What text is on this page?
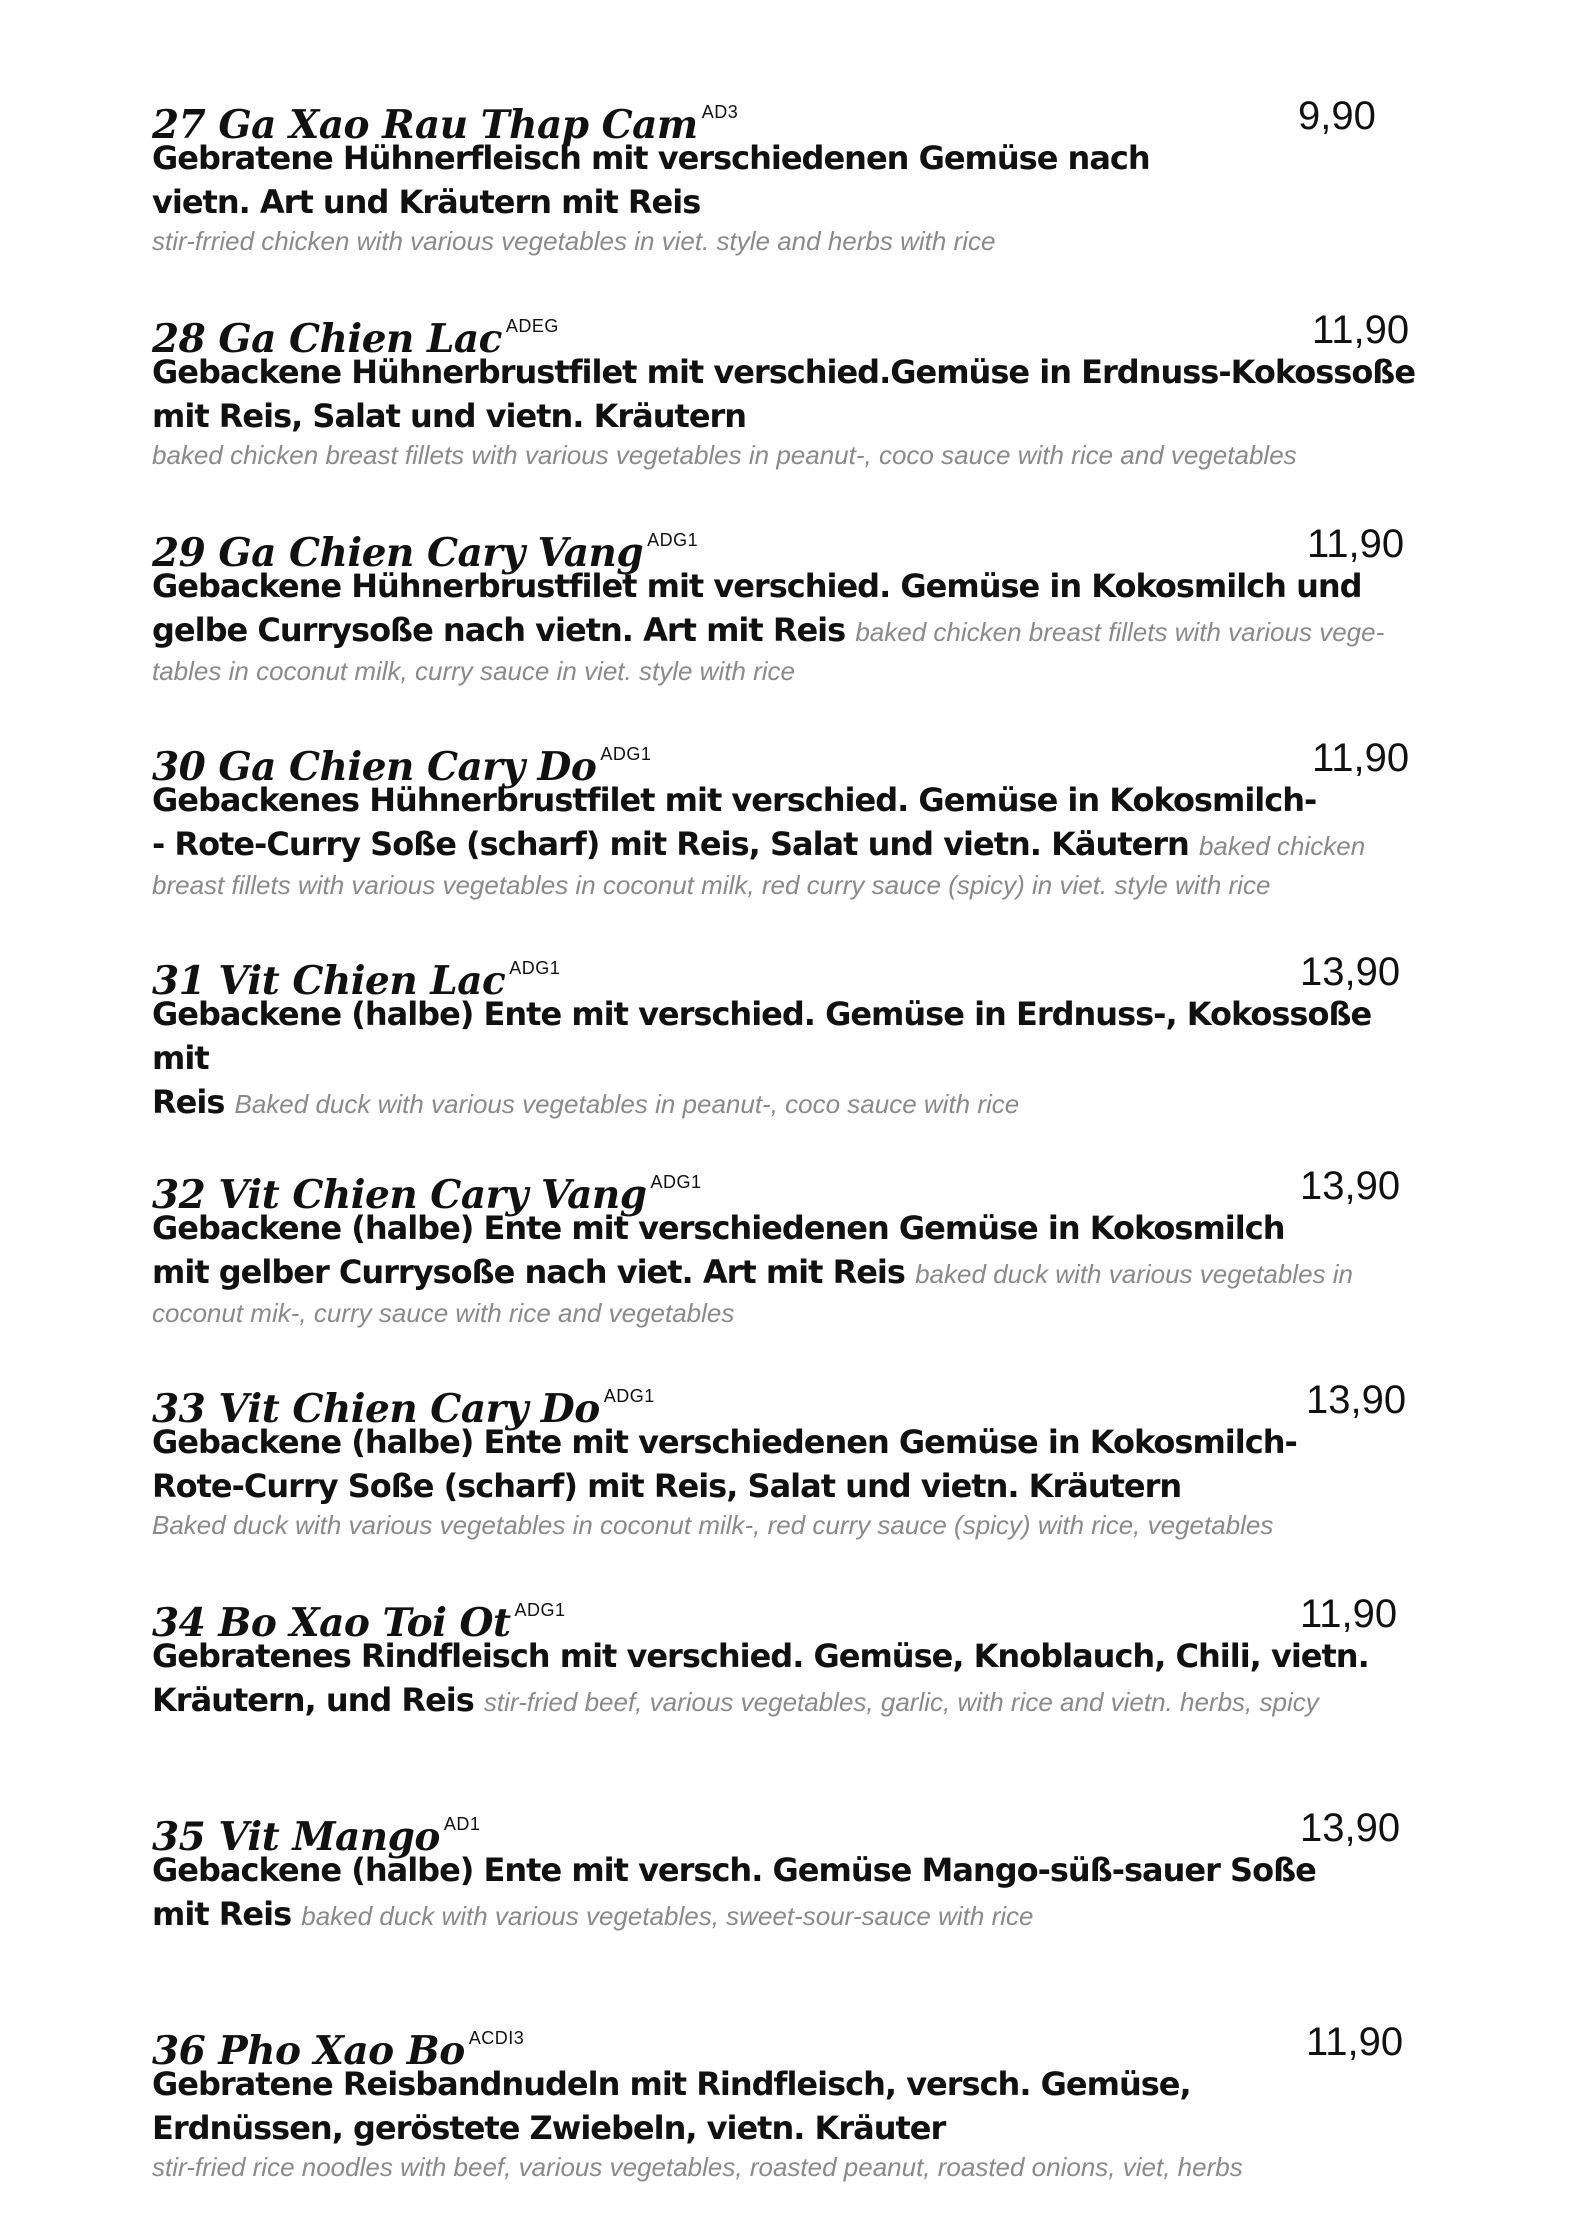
27 Ga Xao Rau Thap Cam $^{AD3}$	9,90
Gebratene Hühnerfleisch mit verschiedenen Gemüse nach
vietn. Art und Kräutern mit Reis

stir-frried chicken with various vegetables in viet. style and herbs with rice
28 Ga Chien Lac $^{ADEG}$	11,90
Gebackene Hühnerbrustfilet mit verschied.Gemüse in Erdnuss-Kokossoße
mit Reis, Salat und vietn. Kräutern

baked chicken breast fillets with various vegetables in peanut-, coco sauce with rice and vegetables
29 Ga Chien Cary Vang $^{ADG1}$	11,90
Gebackene Hühnerbrustfilet mit verschied. Gemüse in Kokosmilch und
gelbe Currysoße nach vietn. Art mit Reis baked chicken breast fillets with various vege-

tables in coconut milk, curry sauce in viet. style with rice
30 Ga Chien Cary Do $^{ADG1}$	11,90
Gebackenes Hühnerbrustfilet mit verschied. Gemüse in Kokosmilch-
- Rote-Curry Soße (scharf) mit Reis, Salat und vietn. Käutern baked chicken

breast fillets with various vegetables in coconut milk, red curry sauce (spicy) in viet. style with rice
31 Vit Chien Lac $^{ADG1}$	13,90
Gebackene (halbe) Ente mit verschied. Gemüse in Erdnuss-, Kokossoße mit
Reis Baked duck with various vegetables in peanut-, coco sauce with rice

32 Vit Chien Cary Vang $^{ADG1}$	13,90
Gebackene (halbe) Ente mit verschiedenen Gemüse in Kokosmilch
mit gelber Currysoße nach viet. Art mit Reis baked duck with various vegetables in

coconut mik-, curry sauce with rice and vegetables
33 Vit Chien Cary Do $^{ADG1}$	13,90
Gebackene (halbe) Ente mit verschiedenen Gemüse in Kokosmilch-
Rote-Curry Soße (scharf) mit Reis, Salat und vietn. Kräutern

Baked duck with various vegetables in coconut milk-, red curry sauce (spicy) with rice, vegetables
34 Bo Xao Toi Ot $^{ADG1}$	11,90
Gebratenes Rindfleisch mit verschied. Gemüse, Knoblauch, Chili, vietn.
Kräutern, und Reis stir-fried beef, various vegetables, garlic, with rice and vietn. herbs, spicy

35 Vit Mango $^{AD1}$	13,90
Gebackene (halbe) Ente mit versch. Gemüse Mango-süß-sauer Soße
mit Reis baked duck with various vegetables, sweet-sour-sauce with rice

36 Pho Xao Bo $^{ACDI3}$	11,90
Gebratene Reisbandnudeln mit Rindfleisch, versch. Gemüse,
Erdnüssen, geröstete Zwiebeln, vietn. Kräuter

stir-fried rice noodles with beef, various vegetables, roasted peanut, roasted onions, viet, herbs
